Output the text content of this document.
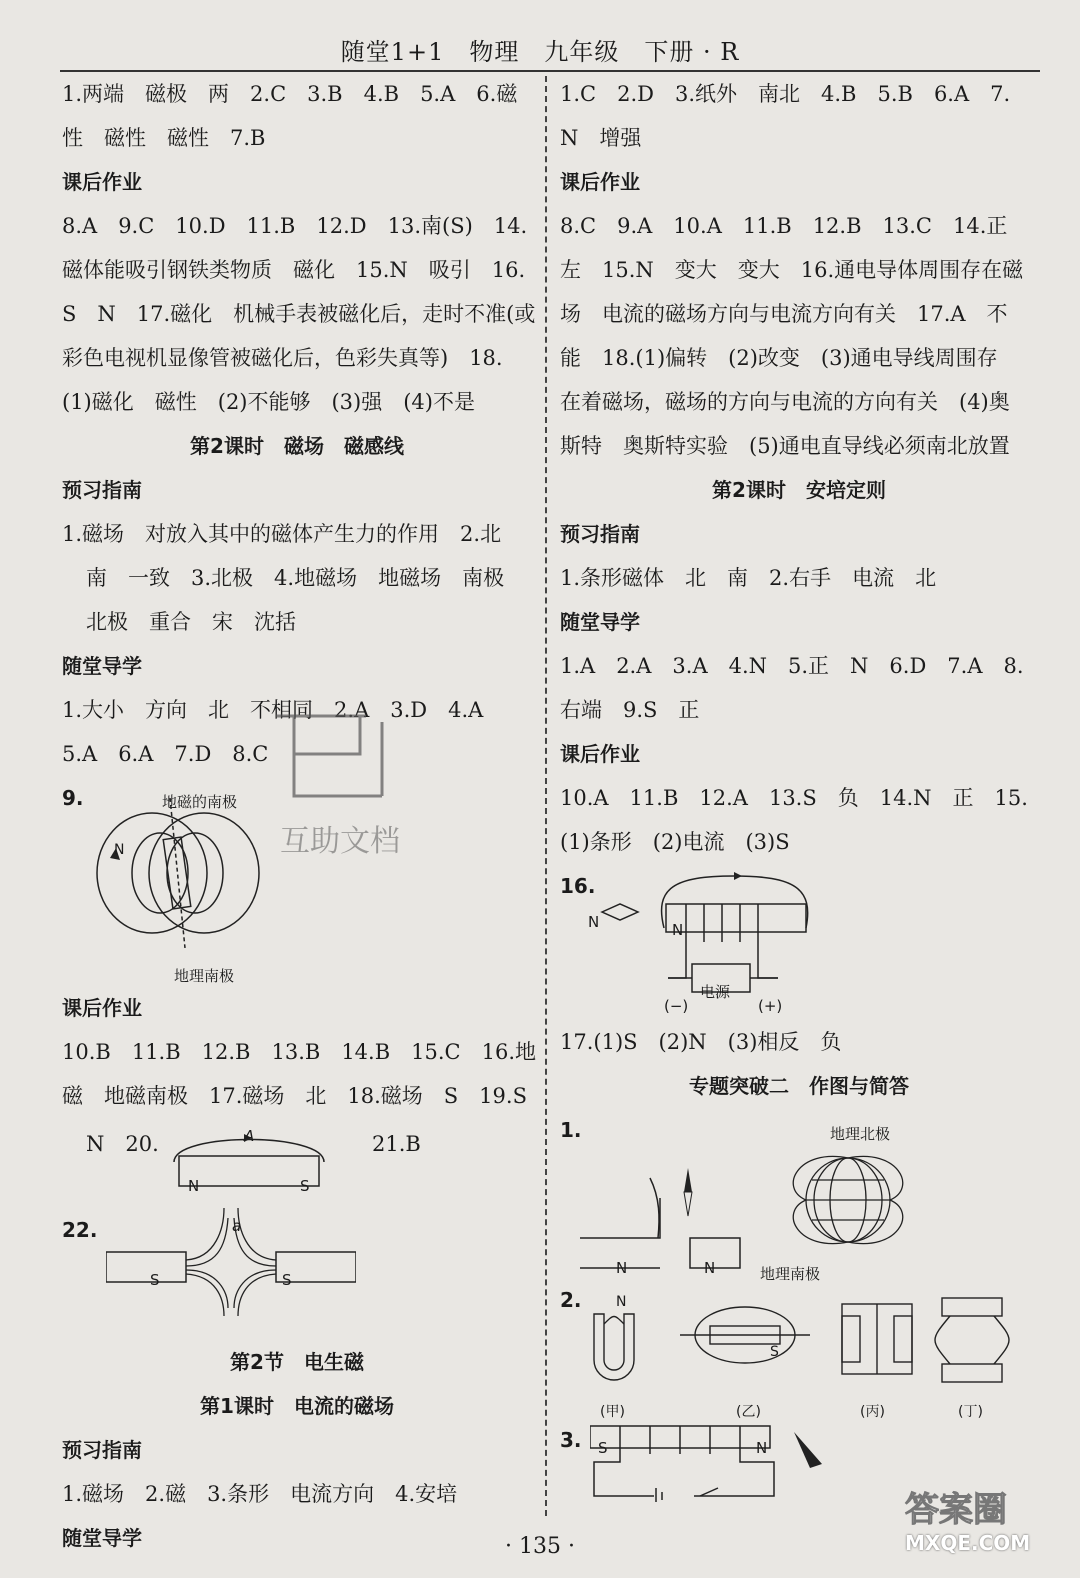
随堂1+1　物理　九年级　下册 · R
1.两端　磁极　两　2.C　3.B　4.B　5.A　6.磁
性　磁性　磁性　7.B
课后作业
8.A　9.C　10.D　11.B　12.D　13.南(S)　14.
磁体能吸引钢铁类物质　磁化　15.N　吸引　16.
S　N　17.磁化　机械手表被磁化后，走时不准(或
彩色电视机显像管被磁化后，色彩失真等)　18.
(1)磁化　磁性　(2)不能够　(3)强　(4)不是
第2课时　磁场　磁感线
预习指南
1.磁场　对放入其中的磁体产生力的作用　2.北
南　一致　3.北极　4.地磁场　地磁场　南极
北极　重合　宋　沈括
随堂导学
1.大小　方向　北　不相同　2.A　3.D　4.A
5.A　6.A　7.D　8.C
9.	地磁的南极
N
地理南极
课后作业
10.B　11.B　12.B　13.B　14.B　15.C　16.地
磁　地磁南极　17.磁场　北　18.磁场　S　19.S
N　20.	21.B
A
N	S
22.	a
S	S
第2节　电生磁
第1课时　电流的磁场
预习指南
1.磁场　2.磁　3.条形　电流方向　4.安培
随堂导学
1.C　2.D　3.纸外　南北　4.B　5.B　6.A　7.
N　增强
课后作业
8.C　9.A　10.A　11.B　12.B　13.C　14.正
左　15.N　变大　变大　16.通电导体周围存在磁
场　电流的磁场方向与电流方向有关　17.A　不
能　18.(1)偏转　(2)改变　(3)通电导线周围存
在着磁场，磁场的方向与电流的方向有关　(4)奥
斯特　奥斯特实验　(5)通电直导线必须南北放置
第2课时　安培定则
预习指南
1.条形磁体　北　南　2.右手　电流　北
随堂导学
1.A　2.A　3.A　4.N　5.正　N　6.D　7.A　8.
右端　9.S　正
课后作业
10.A　11.B　12.A　13.S　负　14.N　正　15.
(1)条形　(2)电流　(3)S
16.
N	N
电源
(−)	(+)
17.(1)S　(2)N　(3)相反　负
专题突破二　作图与简答
1.
N	N
地理北极
地理南极
2. N
S
(甲)	(乙)	(丙)	(丁)
3. S	N
· 135 ·
互助文档
答案圈
MXQE.COM
